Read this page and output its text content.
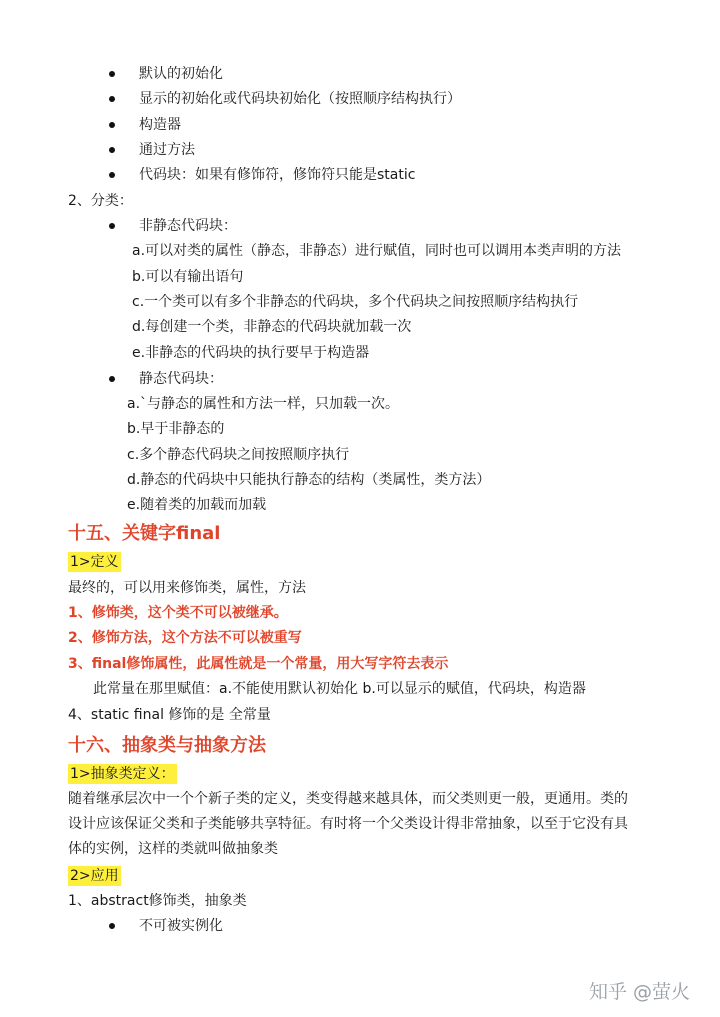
默认的初始化
显示的初始化或代码块初始化（按照顺序结构执行）
构造器
通过方法
代码块：如果有修饰符，修饰符只能是static
2、分类：
非静态代码块：
a.可以对类的属性（静态，非静态）进行赋值，同时也可以调用本类声明的方法
b.可以有输出语句
c.一个类可以有多个非静态的代码块，多个代码块之间按照顺序结构执行
d.每创建一个类，非静态的代码块就加载一次
e.非静态的代码块的执行要早于构造器
静态代码块：
a.`与静态的属性和方法一样，只加载一次。
b.早于非静态的
c.多个静态代码块之间按照顺序执行
d.静态的代码块中只能执行静态的结构（类属性，类方法）
e.随着类的加载而加载
十五、关键字final
1>定义
最终的，可以用来修饰类，属性，方法
1、修饰类，这个类不可以被继承。
2、修饰方法，这个方法不可以被重写
3、final修饰属性，此属性就是一个常量，用大写字符去表示
此常量在那里赋值：a.不能使用默认初始化 b.可以显示的赋值，代码块，构造器
4、static final 修饰的是 全常量
十六、抽象类与抽象方法
1>抽象类定义：
随着继承层次中一个个新子类的定义，类变得越来越具体，而父类则更一般，更通用。类的
设计应该保证父类和子类能够共享特征。有时将一个父类设计得非常抽象，以至于它没有具
体的实例，这样的类就叫做抽象类
2>应用
1、abstract修饰类，抽象类
不可被实例化
知乎 @萤火
